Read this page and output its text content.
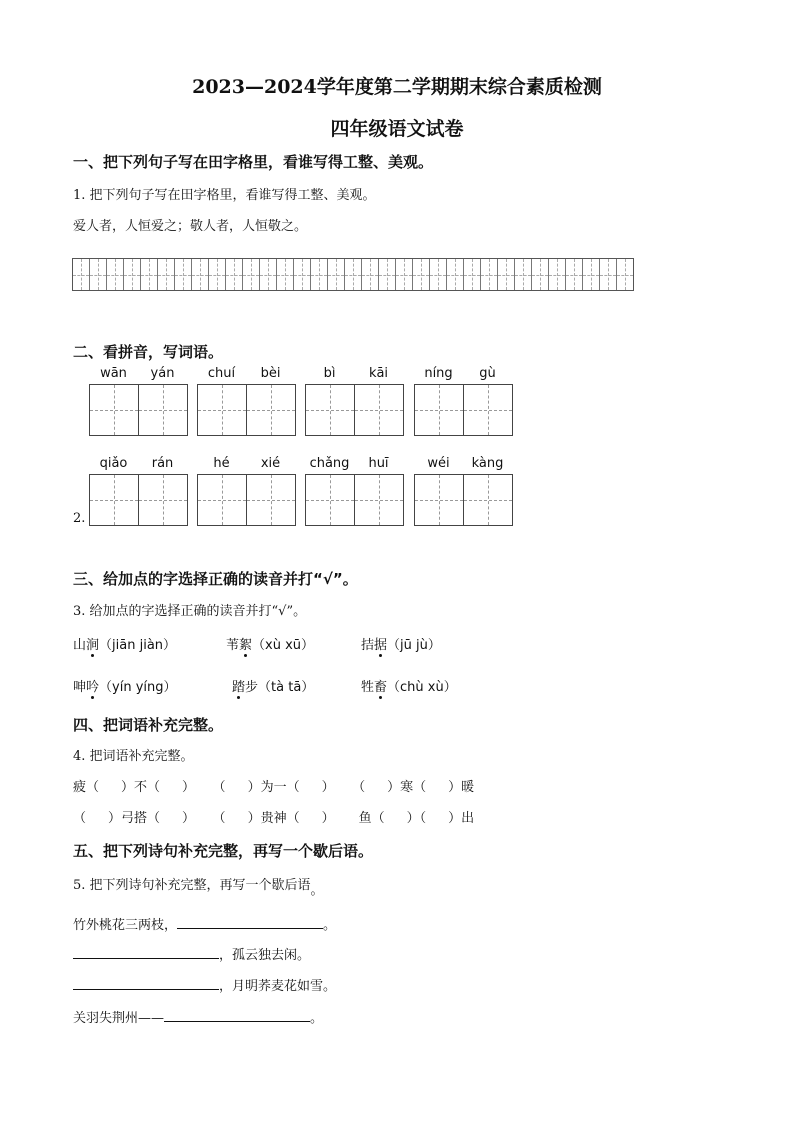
2023—2024学年度第二学期期末综合素质检测
四年级语文试卷
一、把下列句子写在田字格里，看谁写得工整、美观。
1. 把下列句子写在田字格里，看谁写得工整、美观。
爱人者，人恒爱之；敬人者，人恒敬之。
二、看拼音，写词语。
wān	yán	chuí	bèi	bì	kāi	níng	gù
qiǎo	rán	hé	xié	chǎng	huī	wéi	kàng
2.
三、给加点的字选择正确的读音并打“√”。
3. 给加点的字选择正确的读音并打“√”。
山涧（jiān jiàn）	苇絮（xù xū）	拮据（jū jù）
呻吟（yín yíng）	踏步（tà tā）	牲畜（chù xù）
四、把词语补充完整。
4. 把词语补充完整。
疲（ ）不（ ） （ ）为一（ ） （ ）寒（ ）暖
（ ）弓搭（ ） （ ）贵神（ ） 鱼（ ）（ ）出
五、把下列诗句补充完整，再写一个歇后语。
5. 把下列诗句补充完整，再写一个歇后语。
竹外桃花三两枝，	。
，孤云独去闲。
，月明荞麦花如雪。
关羽失荆州——	。
